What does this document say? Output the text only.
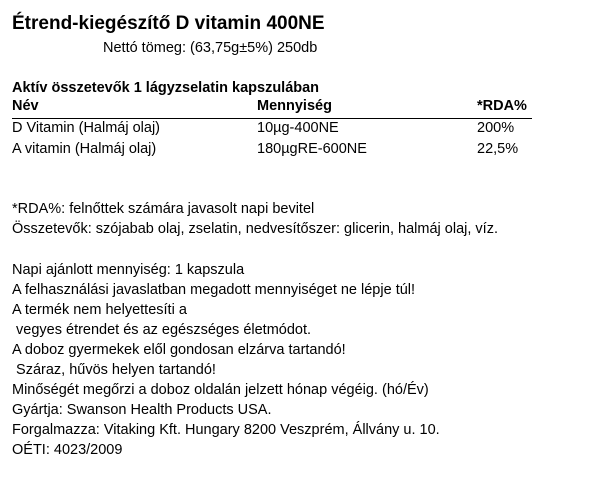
Étrend-kiegészítő D vitamin 400NE
Nettó tömeg: (63,75g±5%) 250db
Aktív összetevők 1 lágyzselatin kapszulában
Név	Mennyiség	*RDA%
D Vitamin (Halmáj olaj)	10µg-400NE	200%
A vitamin (Halmáj olaj)	180µgRE-600NE	22,5%
*RDA%: felnőttek számára javasolt napi bevitel
Összetevők: szójabab olaj, zselatin, nedvesítőszer: glicerin, halmáj olaj, víz.
Napi ajánlott mennyiség: 1 kapszula
A felhasználási javaslatban megadott mennyiséget ne lépje túl!
A termék nem helyettesíti a
vegyes étrendet és az egészséges életmódot.
A doboz gyermekek elől gondosan elzárva tartandó!
Száraz, hűvös helyen tartandó!
Minőségét megőrzi a doboz oldalán jelzett hónap végéig. (hó/Év)
Gyártja: Swanson Health Products USA.
Forgalmazza: Vitaking Kft. Hungary 8200 Veszprém, Állvány u. 10.
OÉTI: 4023/2009
